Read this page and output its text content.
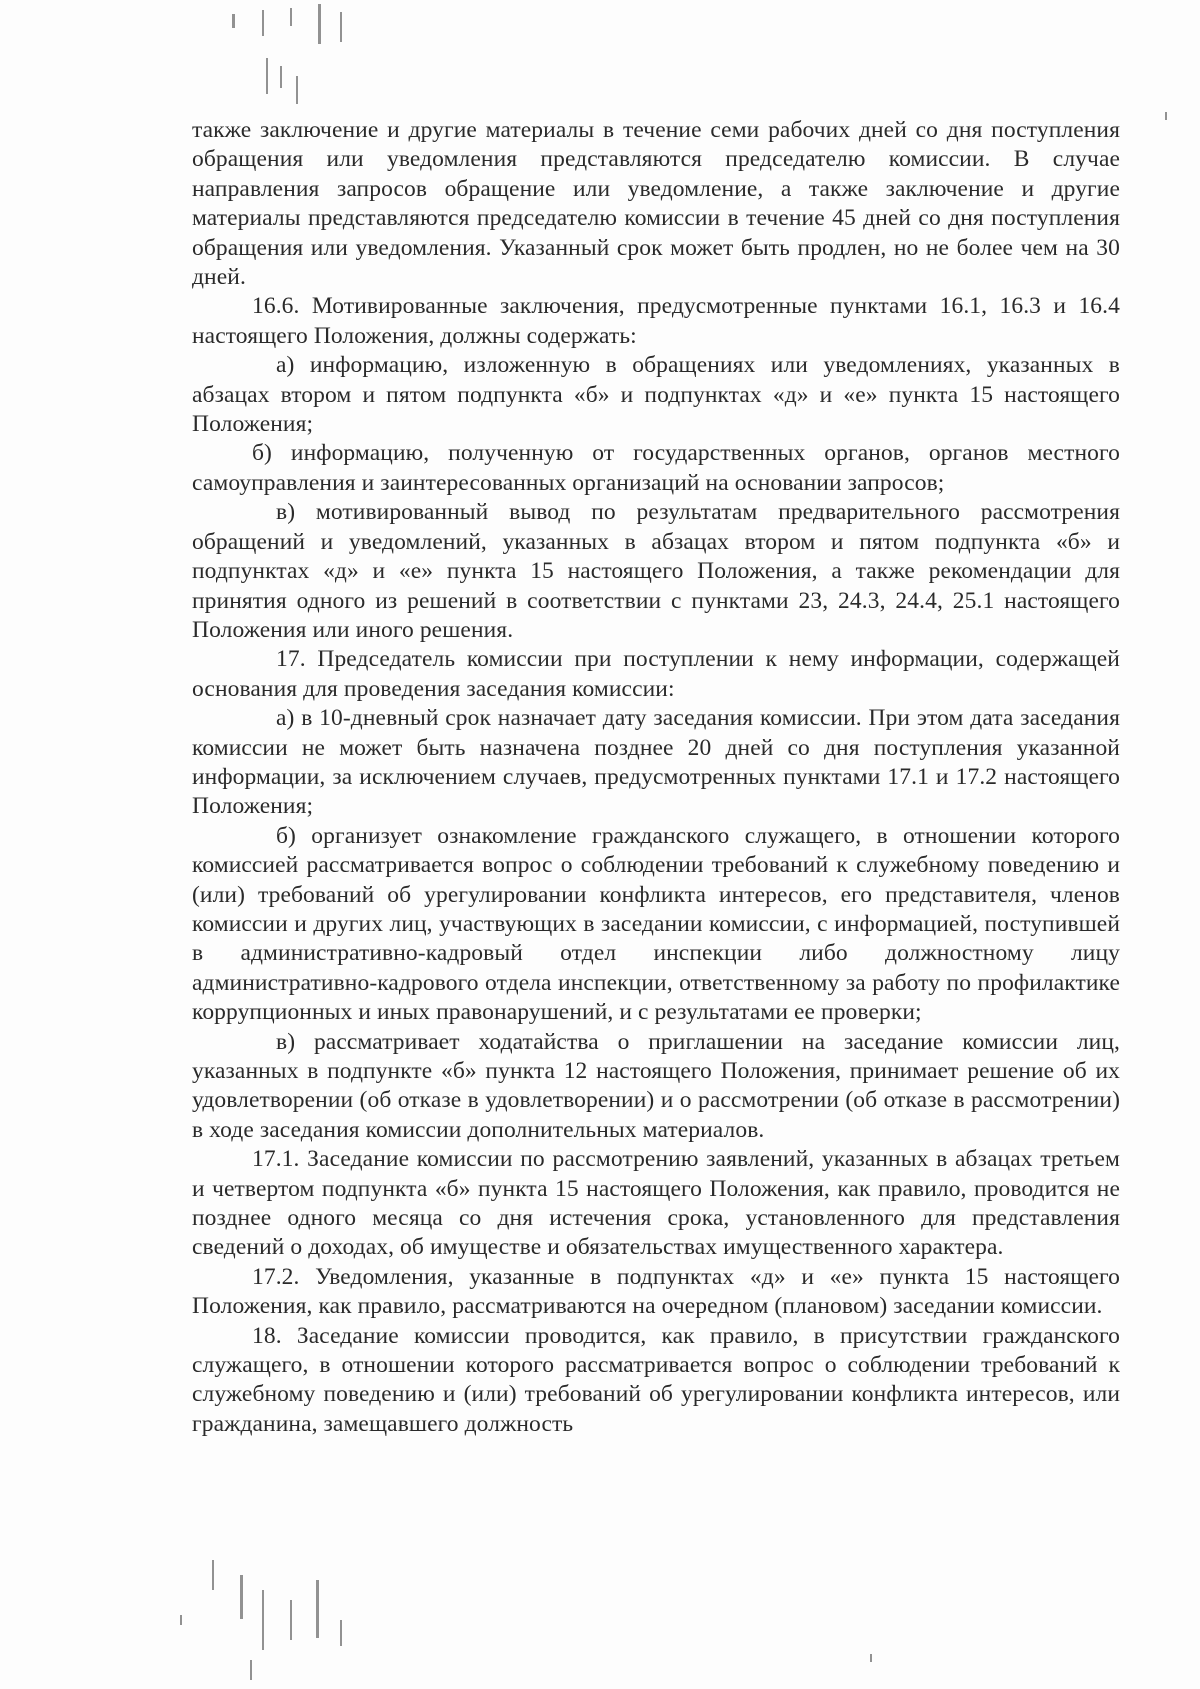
также заключение и другие материалы в течение семи рабочих дней со дня поступления обращения или уведомления представляются председателю комиссии. В случае направления запросов обращение или уведомление, а также заключение и другие материалы представляются председателю комиссии в течение 45 дней со дня поступления обращения или уведомления. Указанный срок может быть продлен, но не более чем на 30 дней.

16.6. Мотивированные заключения, предусмотренные пунктами 16.1, 16.3 и 16.4 настоящего Положения, должны содержать:

а) информацию, изложенную в обращениях или уведомлениях, указанных в абзацах втором и пятом подпункта «б» и подпунктах «д» и «е» пункта 15 настоящего Положения;

б) информацию, полученную от государственных органов, органов местного самоуправления и заинтересованных организаций на основании запросов;

в) мотивированный вывод по результатам предварительного рассмотрения обращений и уведомлений, указанных в абзацах втором и пятом подпункта «б» и подпунктах «д» и «е» пункта 15 настоящего Положения, а также рекомендации для принятия одного из решений в соответствии с пунктами 23, 24.3, 24.4, 25.1 настоящего Положения или иного решения.

17. Председатель комиссии при поступлении к нему информации, содержащей основания для проведения заседания комиссии:

а) в 10-дневный срок назначает дату заседания комиссии. При этом дата заседания комиссии не может быть назначена позднее 20 дней со дня поступления указанной информации, за исключением случаев, предусмотренных пунктами 17.1 и 17.2 настоящего Положения;

б) организует ознакомление гражданского служащего, в отношении которого комиссией рассматривается вопрос о соблюдении требований к служебному поведению и (или) требований об урегулировании конфликта интересов, его представителя, членов комиссии и других лиц, участвующих в заседании комиссии, с информацией, поступившей в административно-кадровый отдел инспекции либо должностному лицу административно-кадрового отдела инспекции, ответственному за работу по профилактике коррупционных и иных правонарушений, и с результатами ее проверки;

в) рассматривает ходатайства о приглашении на заседание комиссии лиц, указанных в подпункте «б» пункта 12 настоящего Положения, принимает решение об их удовлетворении (об отказе в удовлетворении) и о рассмотрении (об отказе в рассмотрении) в ходе заседания комиссии дополнительных материалов.

17.1. Заседание комиссии по рассмотрению заявлений, указанных в абзацах третьем и четвертом подпункта «б» пункта 15 настоящего Положения, как правило, проводится не позднее одного месяца со дня истечения срока, установленного для представления сведений о доходах, об имуществе и обязательствах имущественного характера.

17.2. Уведомления, указанные в подпунктах «д» и «е» пункта 15 настоящего Положения, как правило, рассматриваются на очередном (плановом) заседании комиссии.

18. Заседание комиссии проводится, как правило, в присутствии гражданского служащего, в отношении которого рассматривается вопрос о соблюдении требований к служебному поведению и (или) требований об урегулировании конфликта интересов, или гражданина, замещавшего должность
